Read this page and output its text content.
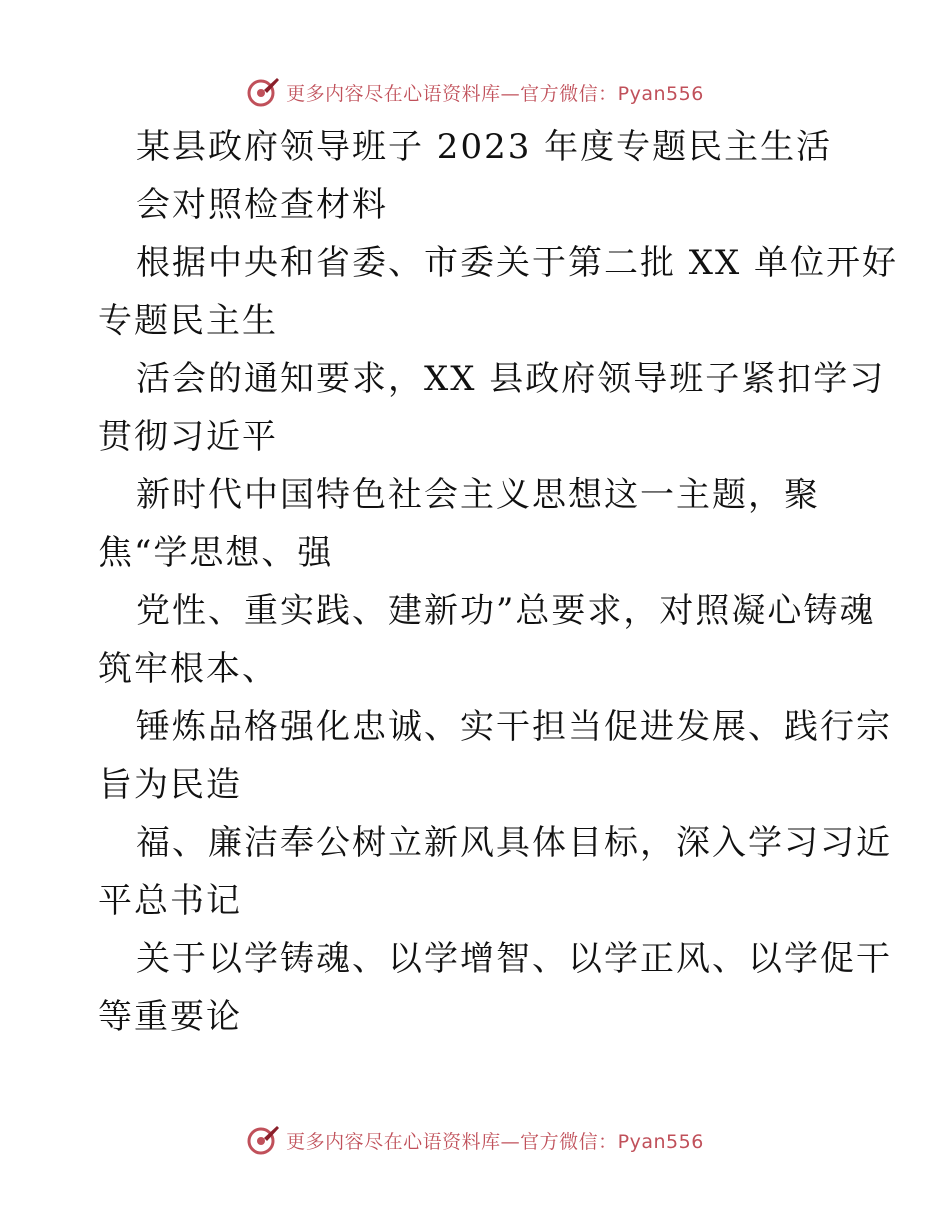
更多内容尽在心语资料库—官方微信：Pyan556
某县政府领导班子 2023 年度专题民主生活
会对照检查材料
根据中央和省委、市委关于第二批 XX 单位开好
专题民主生
活会的通知要求，XX 县政府领导班子紧扣学习
贯彻习近平
新时代中国特色社会主义思想这一主题，聚
焦“学思想、强
党性、重实践、建新功”总要求，对照凝心铸魂
筑牢根本、
锤炼品格强化忠诚、实干担当促进发展、践行宗
旨为民造
福、廉洁奉公树立新风具体目标，深入学习习近
平总书记
关于以学铸魂、以学增智、以学正风、以学促干
等重要论
更多内容尽在心语资料库—官方微信：Pyan556
